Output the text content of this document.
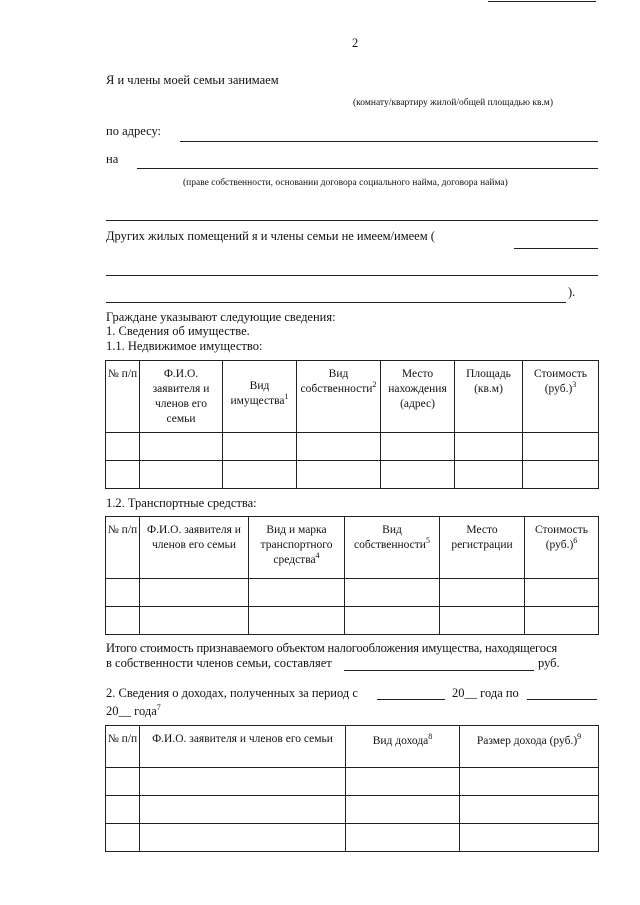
2
Я и члены моей семьи занимаем
(комнату/квартиру жилой/общей площадью кв.м)
по адресу:
на
(праве собственности, основании договора социального найма, договора найма)
Других жилых помещений я и члены семьи не имеем/имеем (
).
Граждане указывают следующие сведения:
1. Сведения об имуществе.
1.1. Недвижимое имущество:
№ п/п	Ф.И.О. заявителя и членов его семьи	Вид имущества$^1$	Вид собственности$^2$	Место нахождения (адрес)	Площадь (кв.м)	Стоимость $(руб.)^3$

1.2. Транспортные средства:
№ п/п	Ф.И.О. заявителя и членов его семьи	Вид и марка транспортного средства$^4$	Вид собственности$^5$	Место регистрации	Стоимость $(руб.)^6$

Итого стоимость признаваемого объектом налогообложения имущества, находящегося
в собственности членов семьи, составляет	руб.
2. Сведения о доходах, полученных за период с	20__ года по
20__ года$^7$
№ п/п	Ф.И.О. заявителя и членов его семьи	Вид дохода$^8$	Размер дохода $(руб.)^9$
